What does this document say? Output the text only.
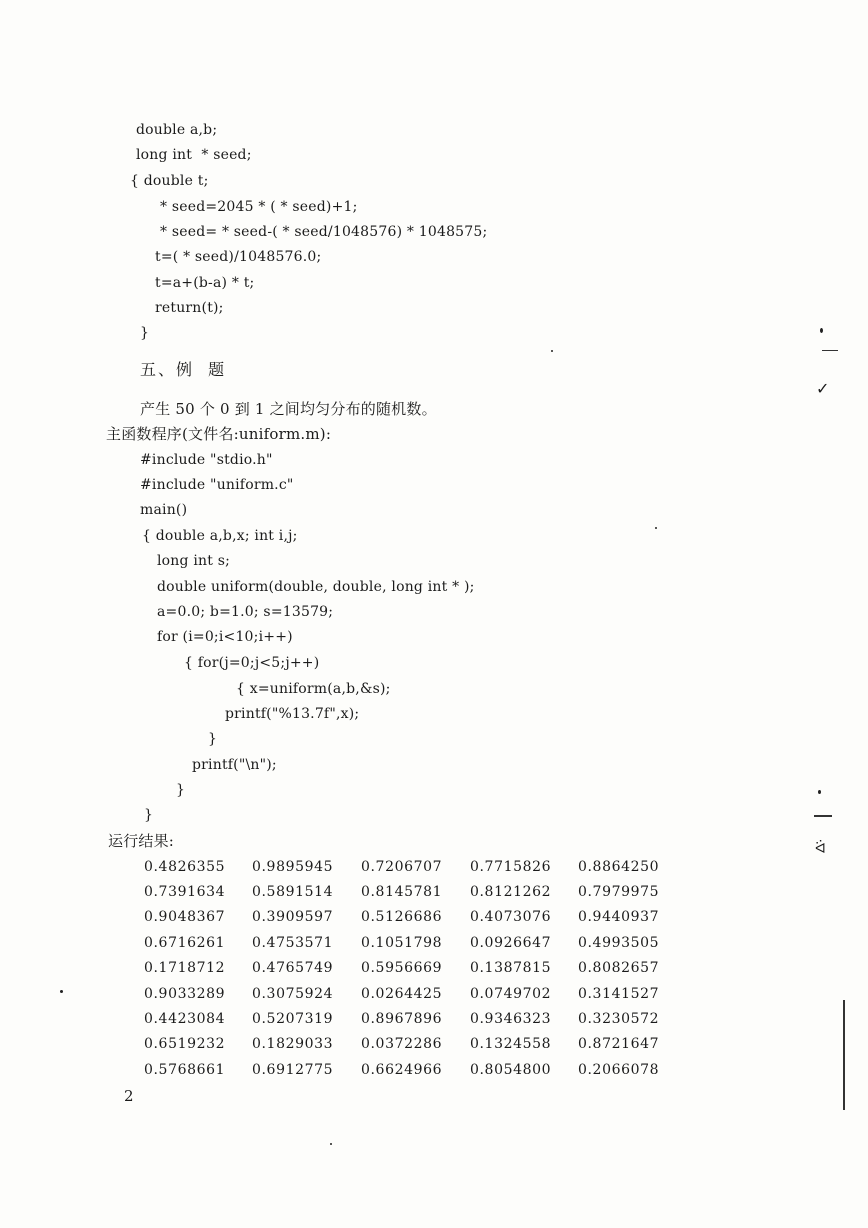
double a,b;
long int  * seed;
{ double t;
* seed=2045 * ( * seed)+1;
* seed= * seed-( * seed/1048576) * 1048575;
t=( * seed)/1048576.0;
t=a+(b-a) * t;
return(t);
}
五、例  题
产生 50 个 0 到 1 之间均匀分布的随机数。
主函数程序(文件名:uniform.m):
#include "stdio.h"
#include "uniform.c"
main()
{ double a,b,x; int i,j;
long int s;
double uniform(double, double, long int * );
a=0.0; b=1.0; s=13579;
for (i=0;i<10;i++)
{ for(j=0;j<5;j++)
{ x=uniform(a,b,&s);
printf("%13.7f",x);
}
printf("\n");
}
}
运行结果:
0.4826355 0.9895945 0.7206707 0.7715826 0.8864250
0.7391634 0.5891514 0.8145781 0.8121262 0.7979975
0.9048367 0.3909597 0.5126686 0.4073076 0.9440937
0.6716261 0.4753571 0.1051798 0.0926647 0.4993505
0.1718712 0.4765749 0.5956669 0.1387815 0.8082657
0.9033289 0.3075924 0.0264425 0.0749702 0.3141527
0.4423084 0.5207319 0.8967896 0.9346323 0.3230572
0.6519232 0.1829033 0.0372286 0.1324558 0.8721647
0.5768661 0.6912775 0.6624966 0.8054800 0.2066078
2
✓
ᐛ
